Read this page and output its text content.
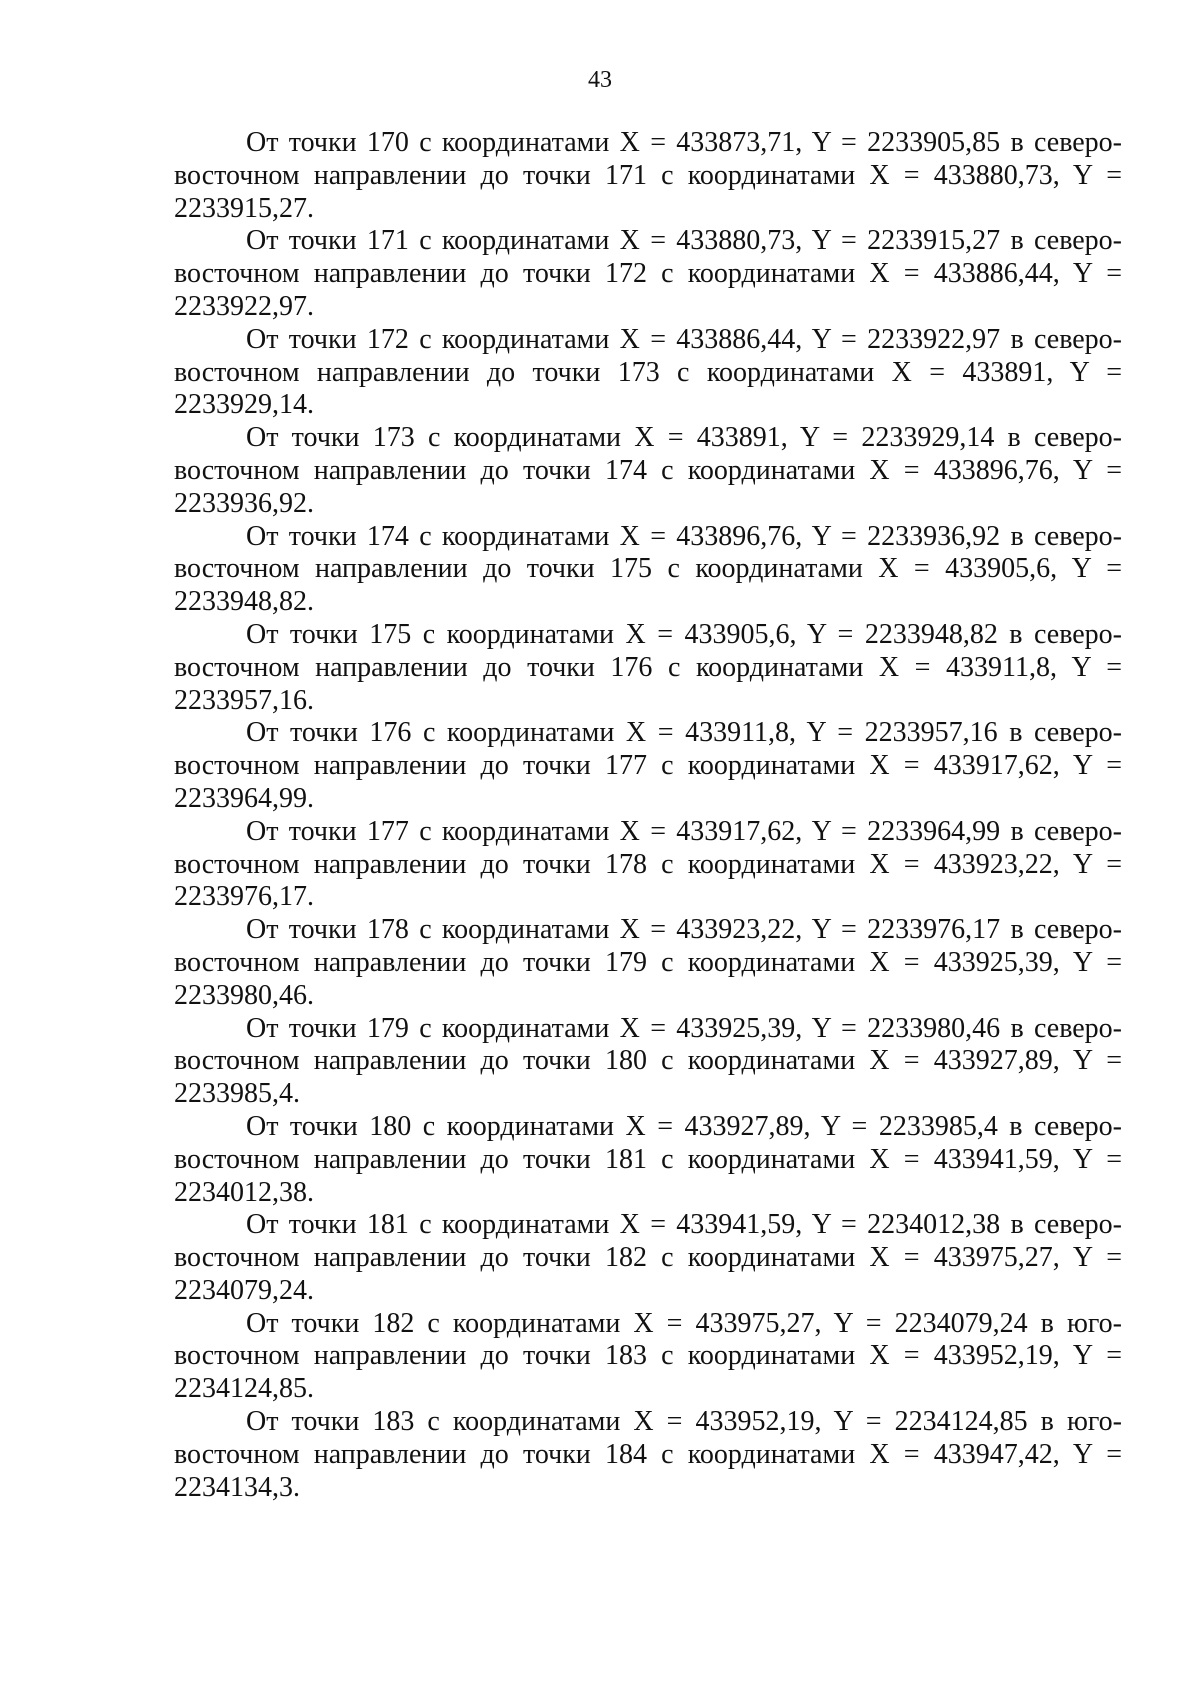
43

От точки 170 с координатами X = 433873,71, Y = 2233905,85 в северо-восточном направлении до точки 171 с координатами X = 433880,73, Y = 2233915,27.

От точки 171 с координатами X = 433880,73, Y = 2233915,27 в северо-восточном направлении до точки 172 с координатами X = 433886,44, Y = 2233922,97.

От точки 172 с координатами X = 433886,44, Y = 2233922,97 в северо-восточном направлении до точки 173 с координатами X = 433891, Y = 2233929,14.

От точки 173 с координатами X = 433891, Y = 2233929,14 в северо-восточном направлении до точки 174 с координатами X = 433896,76, Y = 2233936,92.

От точки 174 с координатами X = 433896,76, Y = 2233936,92 в северо-восточном направлении до точки 175 с координатами X = 433905,6, Y = 2233948,82.

От точки 175 с координатами X = 433905,6, Y = 2233948,82 в северо-восточном направлении до точки 176 с координатами X = 433911,8, Y = 2233957,16.

От точки 176 с координатами X = 433911,8, Y = 2233957,16 в северо-восточном направлении до точки 177 с координатами X = 433917,62, Y = 2233964,99.

От точки 177 с координатами X = 433917,62, Y = 2233964,99 в северо-восточном направлении до точки 178 с координатами X = 433923,22, Y = 2233976,17.

От точки 178 с координатами X = 433923,22, Y = 2233976,17 в северо-восточном направлении до точки 179 с координатами X = 433925,39, Y = 2233980,46.

От точки 179 с координатами X = 433925,39, Y = 2233980,46 в северо-восточном направлении до точки 180 с координатами X = 433927,89, Y = 2233985,4.

От точки 180 с координатами X = 433927,89, Y = 2233985,4 в северо-восточном направлении до точки 181 с координатами X = 433941,59, Y = 2234012,38.

От точки 181 с координатами X = 433941,59, Y = 2234012,38 в северо-восточном направлении до точки 182 с координатами X = 433975,27, Y = 2234079,24.

От точки 182 с координатами X = 433975,27, Y = 2234079,24 в юго-восточном направлении до точки 183 с координатами X = 433952,19, Y = 2234124,85.

От точки 183 с координатами X = 433952,19, Y = 2234124,85 в юго-восточном направлении до точки 184 с координатами X = 433947,42, Y = 2234134,3.
